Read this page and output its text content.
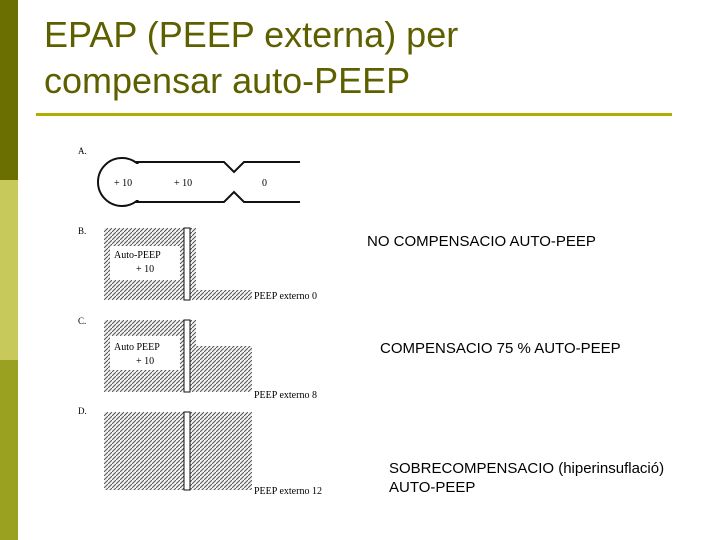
EPAP (PEEP externa) per
compensar auto-PEEP
A.
+ 10	+ 10	0
B.
Auto-PEEP
+ 10
PEEP externo 0
C.
Auto PEEP
+ 10
PEEP externo 8
D.
PEEP externo 12
NO COMPENSACIO AUTO-PEEP
COMPENSACIO 75 % AUTO-PEEP
SOBRECOMPENSACIO (hiperinsuflació)
AUTO-PEEP
